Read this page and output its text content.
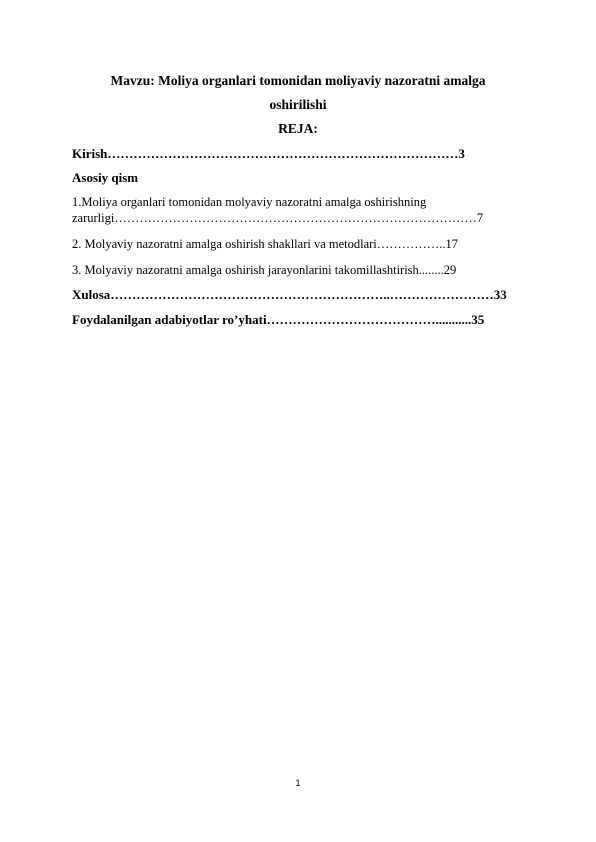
Mavzu: Moliya organlari tomonidan moliyaviy nazoratni amalga
oshirilishi
REJA:
Kirish………………………………………………………………………3
Asosiy qism
1.Moliya organlari tomonidan molyaviy nazoratni amalga oshirishning
zarurligi……………………………………………………………………………7
2. Molyaviy nazoratni amalga oshirish shakllari va metodlari……………..17
3. Molyaviy nazoratni amalga oshirish jarayonlarini takomillashtirish........29
Xulosa………………………………………………………..……………………33
Foydalanilgan adabiyotlar ro’yhati…………………………………...........35
1
